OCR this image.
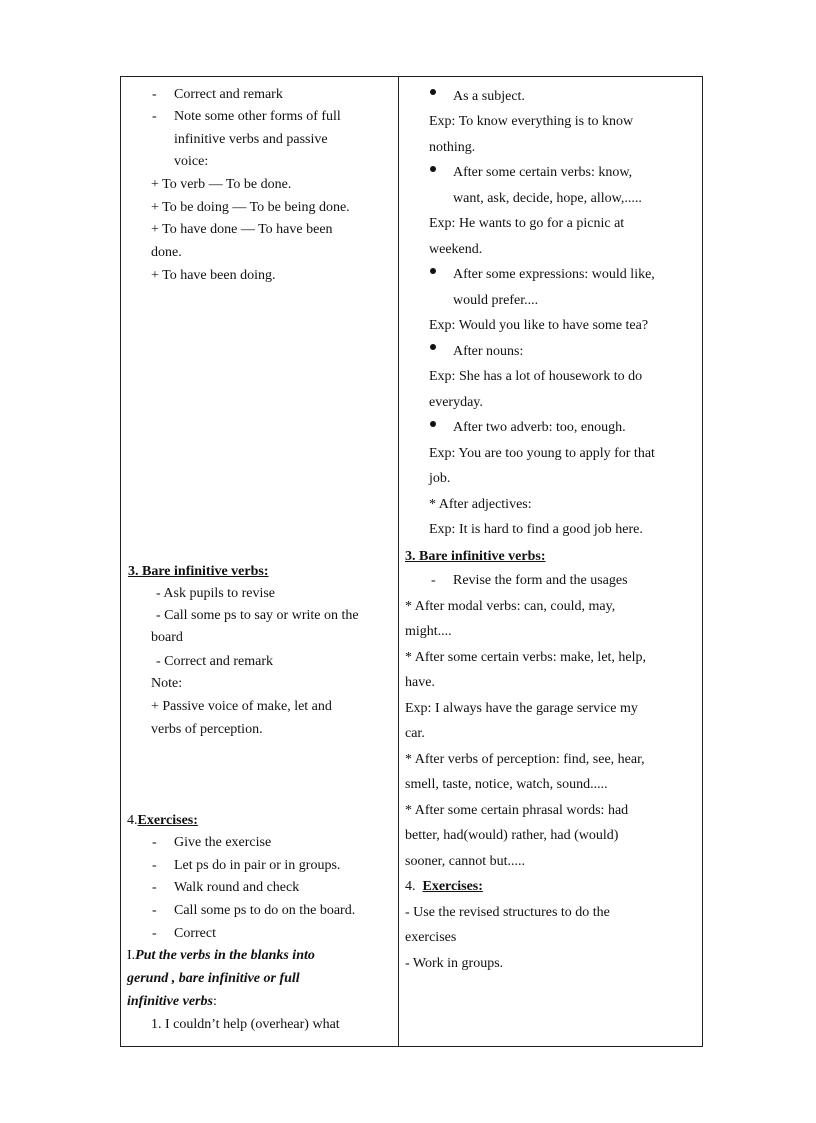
- Correct and remark
- Note some other forms of full
infinitive verbs and passive
voice:
+ To verb — To be done.
+ To be doing — To be being done.
+ To have done — To have been
done.
+ To have been doing.
3. Bare infinitive verbs:
- Ask pupils to revise
- Call some ps to say or write on the
board
- Correct and remark
Note:
+ Passive voice of make, let and
verbs of perception.
4.Exercises:
- Give the exercise
- Let ps do in pair or in groups.
- Walk round and check
- Call some ps to do on the board.
- Correct
I.Put the verbs in the blanks into
gerund , bare infinitive or full
infinitive verbs:
1. I couldn’t help (overhear) what
As a subject.
Exp: To know everything is to know
nothing.
After some certain verbs: know,
want, ask, decide, hope, allow,.....
Exp: He wants to go for a picnic at
weekend.
After some expressions: would like,
would prefer....
Exp: Would you like to have some tea?
After nouns:
Exp: She has a lot of housework to do
everyday.
After two adverb: too, enough.
Exp: You are too young to apply for that
job.
* After adjectives:
Exp: It is hard to find a good job here.
3. Bare infinitive verbs:
- Revise the form and the usages
* After modal verbs: can, could, may,
might....
* After some certain verbs: make, let, help,
have.
Exp: I always have the garage service my
car.
* After verbs of perception: find, see, hear,
smell, taste, notice, watch, sound.....
* After some certain phrasal words: had
better, had(would) rather, had (would)
sooner, cannot but.....
4. Exercises:
- Use the revised structures to do the
exercises
- Work in groups.
